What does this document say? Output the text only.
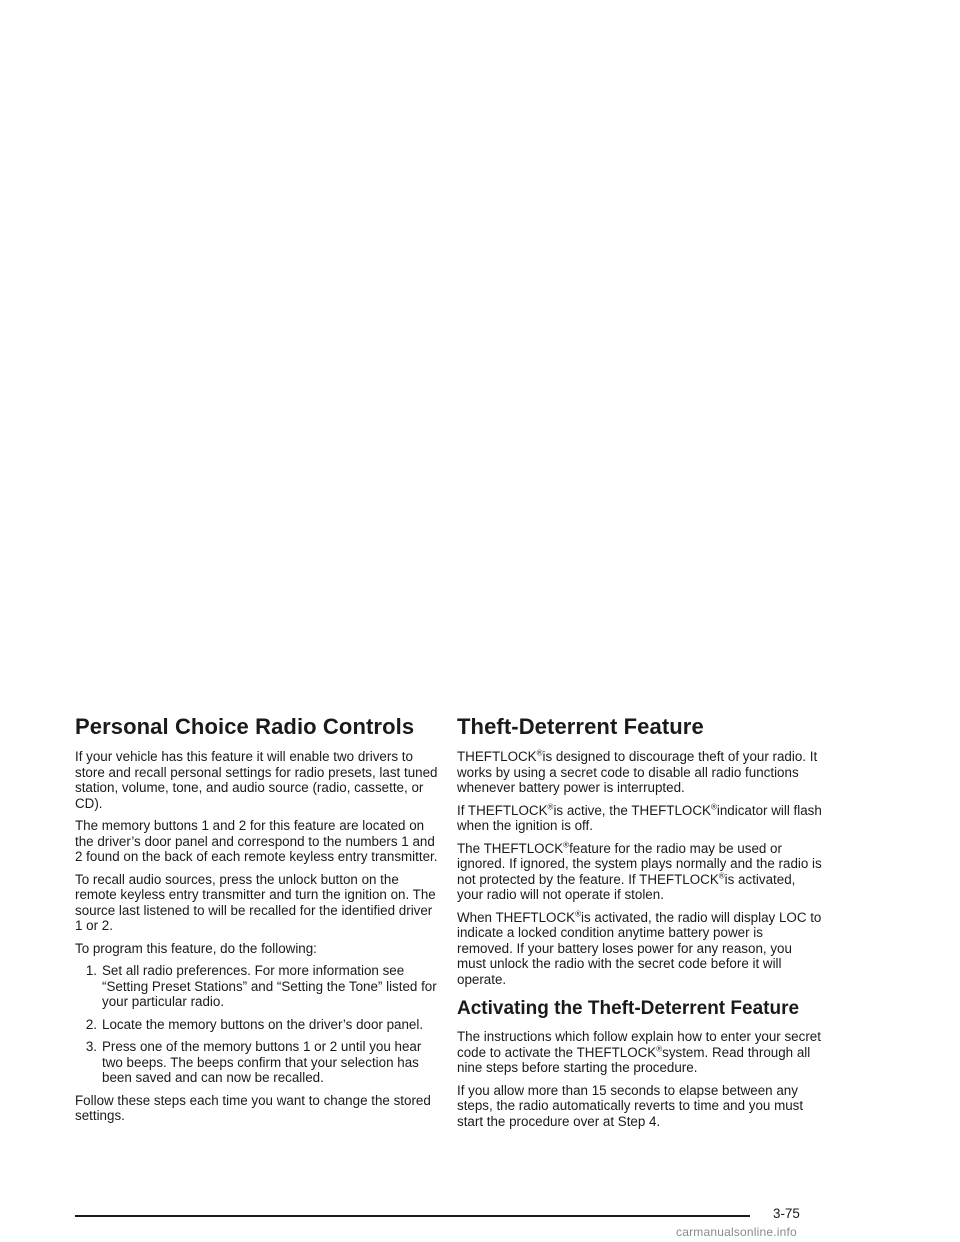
Personal Choice Radio Controls

If your vehicle has this feature it will enable two drivers to store and recall personal settings for radio presets, last tuned station, volume, tone, and audio source (radio, cassette, or CD).

The memory buttons 1 and 2 for this feature are located on the driver’s door panel and correspond to the numbers 1 and 2 found on the back of each remote keyless entry transmitter.

To recall audio sources, press the unlock button on the remote keyless entry transmitter and turn the ignition on. The source last listened to will be recalled for the identified driver 1 or 2.

To program this feature, do the following:

1. Set all radio preferences. For more information see “Setting Preset Stations” and “Setting the Tone” listed for your particular radio.
2. Locate the memory buttons on the driver’s door panel.
3. Press one of the memory buttons 1 or 2 until you hear two beeps. The beeps confirm that your selection has been saved and can now be recalled.

Follow these steps each time you want to change the stored settings.

Theft-Deterrent Feature

THEFTLOCK®is designed to discourage theft of your radio. It works by using a secret code to disable all radio functions whenever battery power is interrupted.

If THEFTLOCK®is active, the THEFTLOCK®indicator will flash when the ignition is off.

The THEFTLOCK®feature for the radio may be used or ignored. If ignored, the system plays normally and the radio is not protected by the feature. If THEFTLOCK®is activated, your radio will not operate if stolen.

When THEFTLOCK®is activated, the radio will display LOC to indicate a locked condition anytime battery power is removed. If your battery loses power for any reason, you must unlock the radio with the secret code before it will operate.

Activating the Theft-Deterrent Feature

The instructions which follow explain how to enter your secret code to activate the THEFTLOCK®system. Read through all nine steps before starting the procedure.

If you allow more than 15 seconds to elapse between any steps, the radio automatically reverts to time and you must start the procedure over at Step 4.

3-75
carmanualsonline.info
